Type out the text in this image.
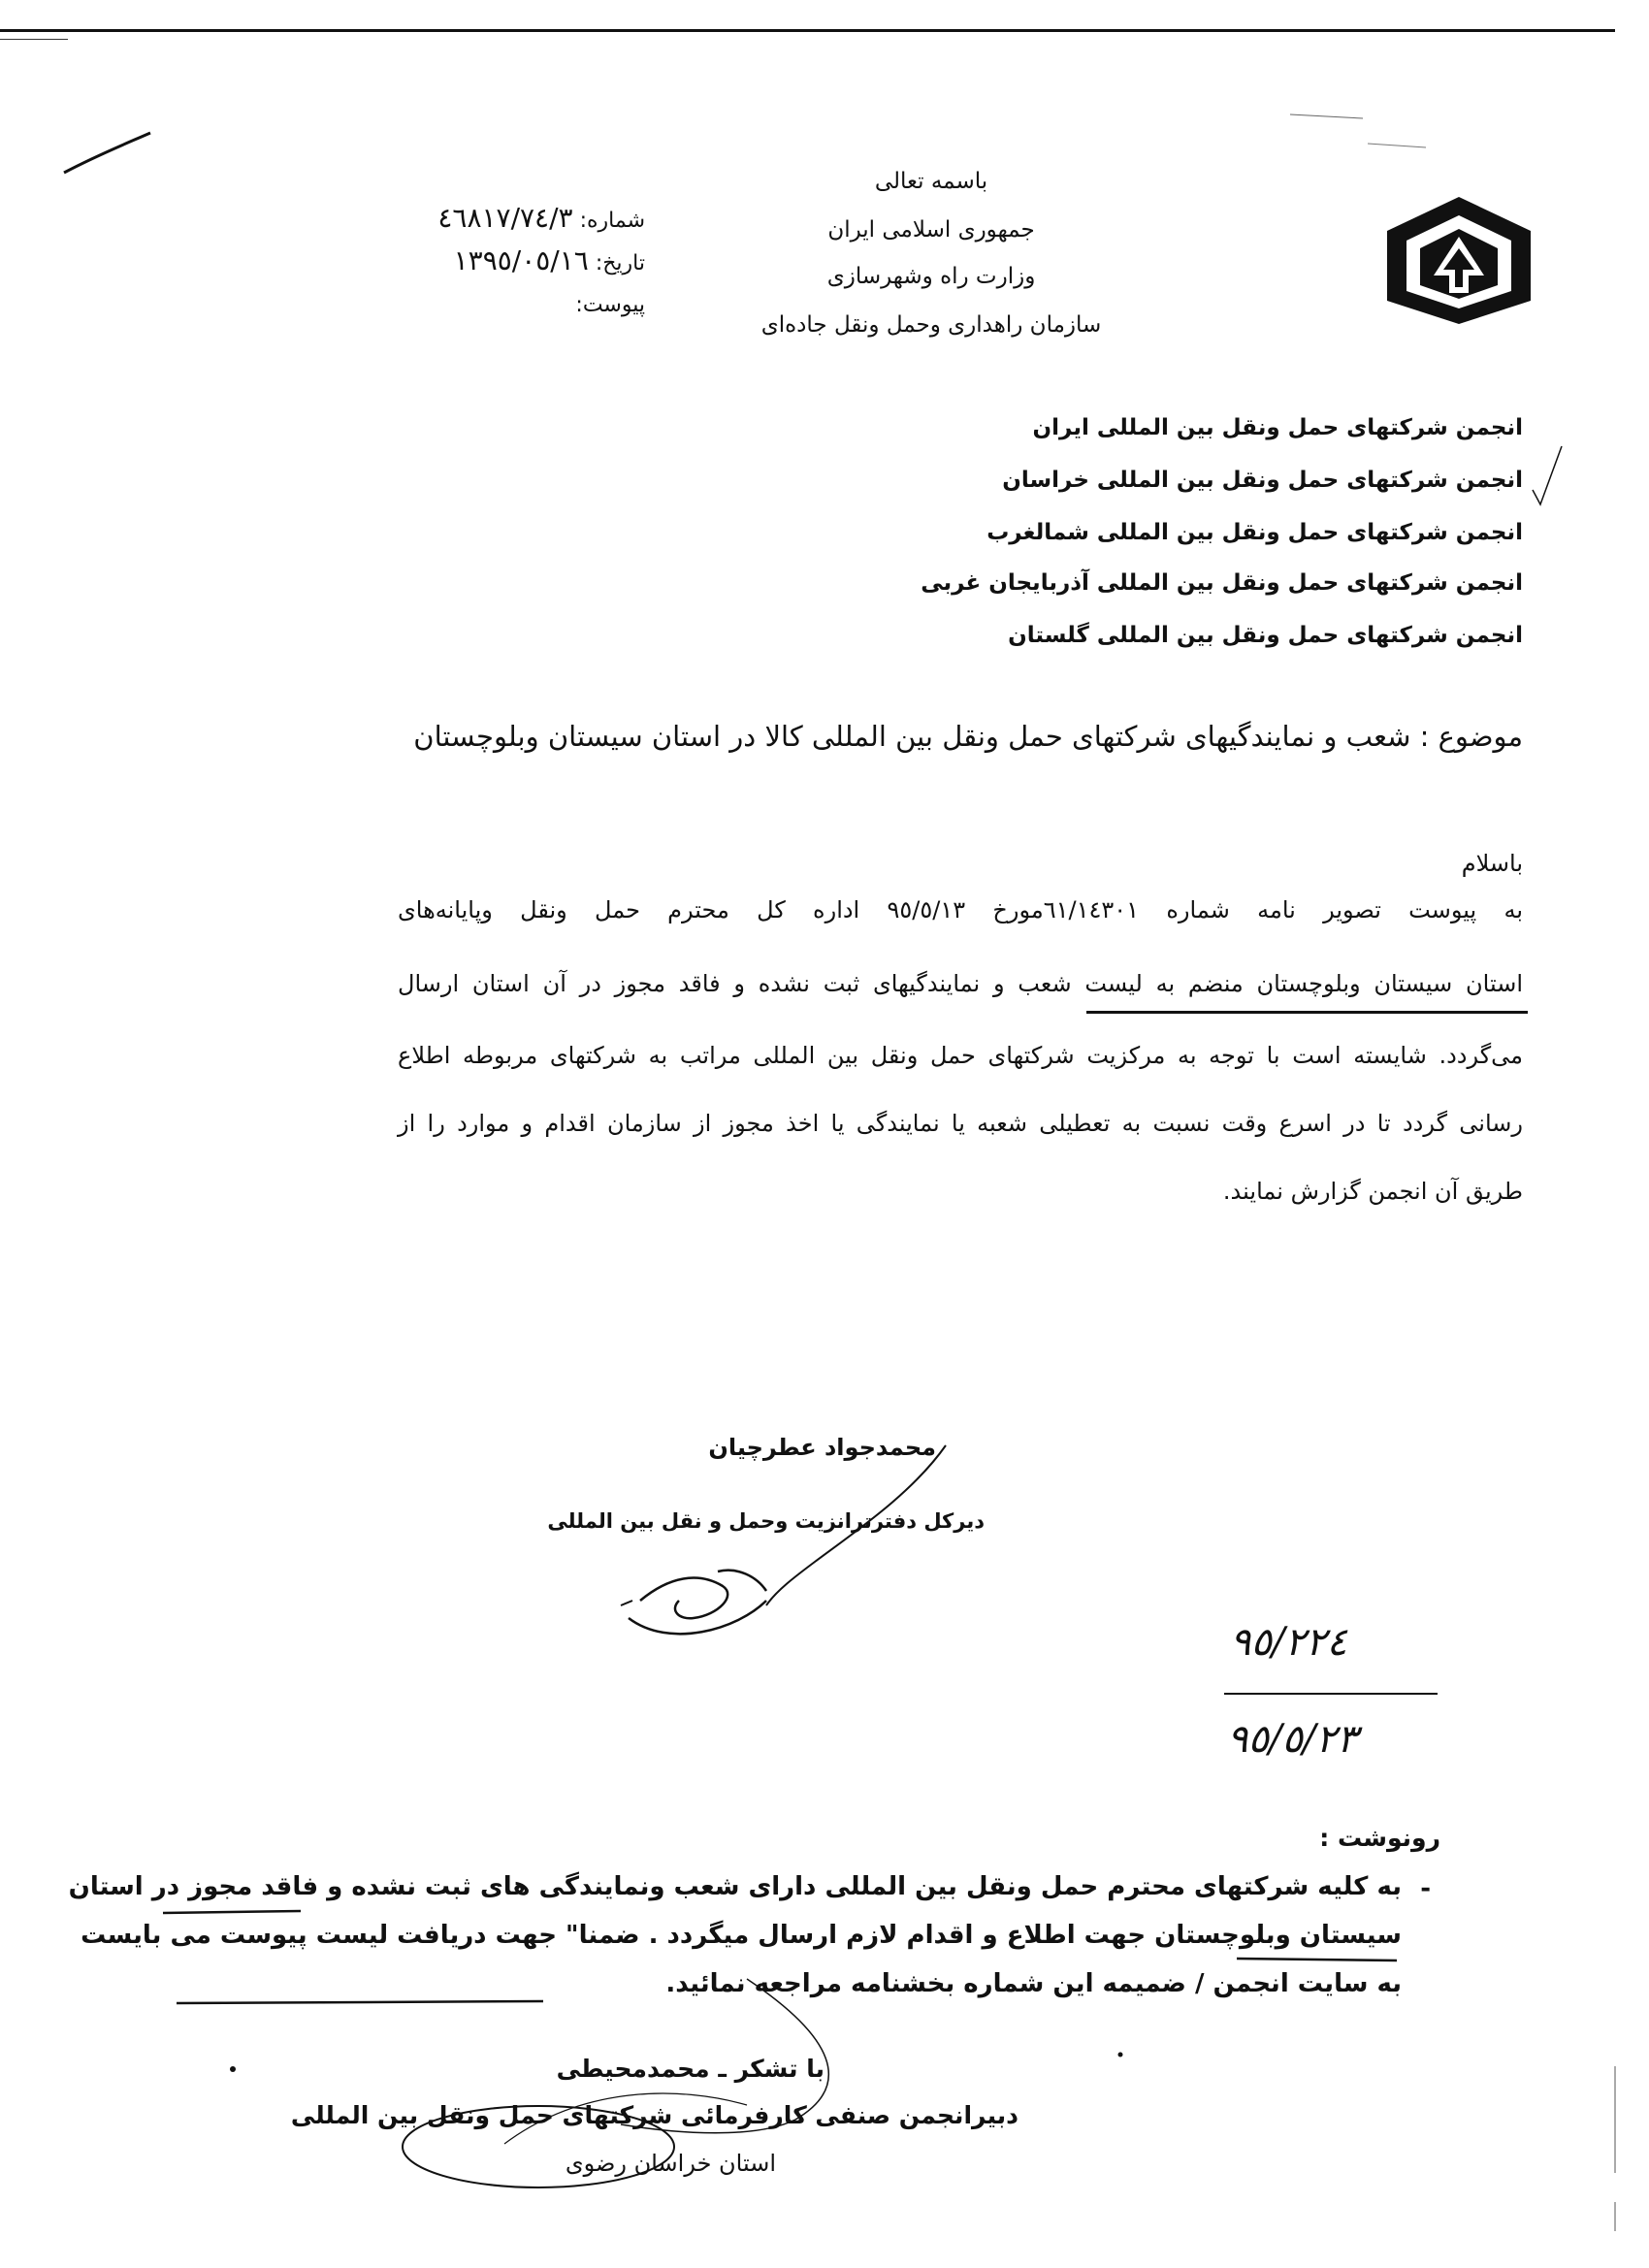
باسمه تعالی
جمهوری اسلامی ایران
وزارت راه وشهرسازی
سازمان راهداری وحمل ونقل جاده‌ای
شماره: ٤٦٨١٧/٧٤/٣
تاریخ: ١٣٩٥/٠٥/١٦
پیوست:
انجمن شرکتهای حمل ونقل بین المللی ایران
انجمن شرکتهای حمل ونقل بین المللی خراسان
انجمن شرکتهای حمل ونقل بین المللی شمالغرب
انجمن شرکتهای حمل ونقل بین المللی آذربایجان غربی
انجمن شرکتهای حمل ونقل بین المللی گلستان
موضوع : شعب و نمایندگیهای شرکتهای حمل ونقل بین المللی کالا در استان سیستان وبلوچستان
باسلام
به پیوست تصویر نامه شماره ٦١/١٤٣٠١مورخ ٩٥/٥/١٣ اداره کل محترم حمل ونقل وپایانه‌های
استان سیستان وبلوچستان منضم به لیست شعب و نمایندگیهای ثبت نشده و فاقد مجوز در آن استان ارسال
می‌گردد. شایسته است با توجه به مرکزیت شرکتهای حمل ونقل بین المللی مراتب به شرکتهای مربوطه اطلاع
رسانی گردد تا در اسرع وقت نسبت به تعطیلی شعبه یا نمایندگی یا اخذ مجوز از سازمان اقدام و موارد را از
طریق آن انجمن گزارش نمایند.
محمدجواد عطرچیان
دیرکل دفترترانزیت وحمل و نقل بین المللی
٩٥/٢٢٤
٩٥/٥/٢٣
رونوشت :
-
به کلیه شرکتهای محترم حمل ونقل بین المللی دارای شعب ونمایندگی های ثبت نشده و فاقد مجوز در استان
سیستان وبلوچستان جهت اطلاع و اقدام لازم ارسال میگردد . ضمنا" جهت دریافت لیست پیوست می بایست
به سایت انجمن / ضمیمه این شماره بخشنامه مراجعه نمائید.
با تشکر ـ محمدمحیطی
دبیرانجمن صنفی کارفرمائی شرکتهای حمل ونقل بین المللی
استان خراسان رضوی
